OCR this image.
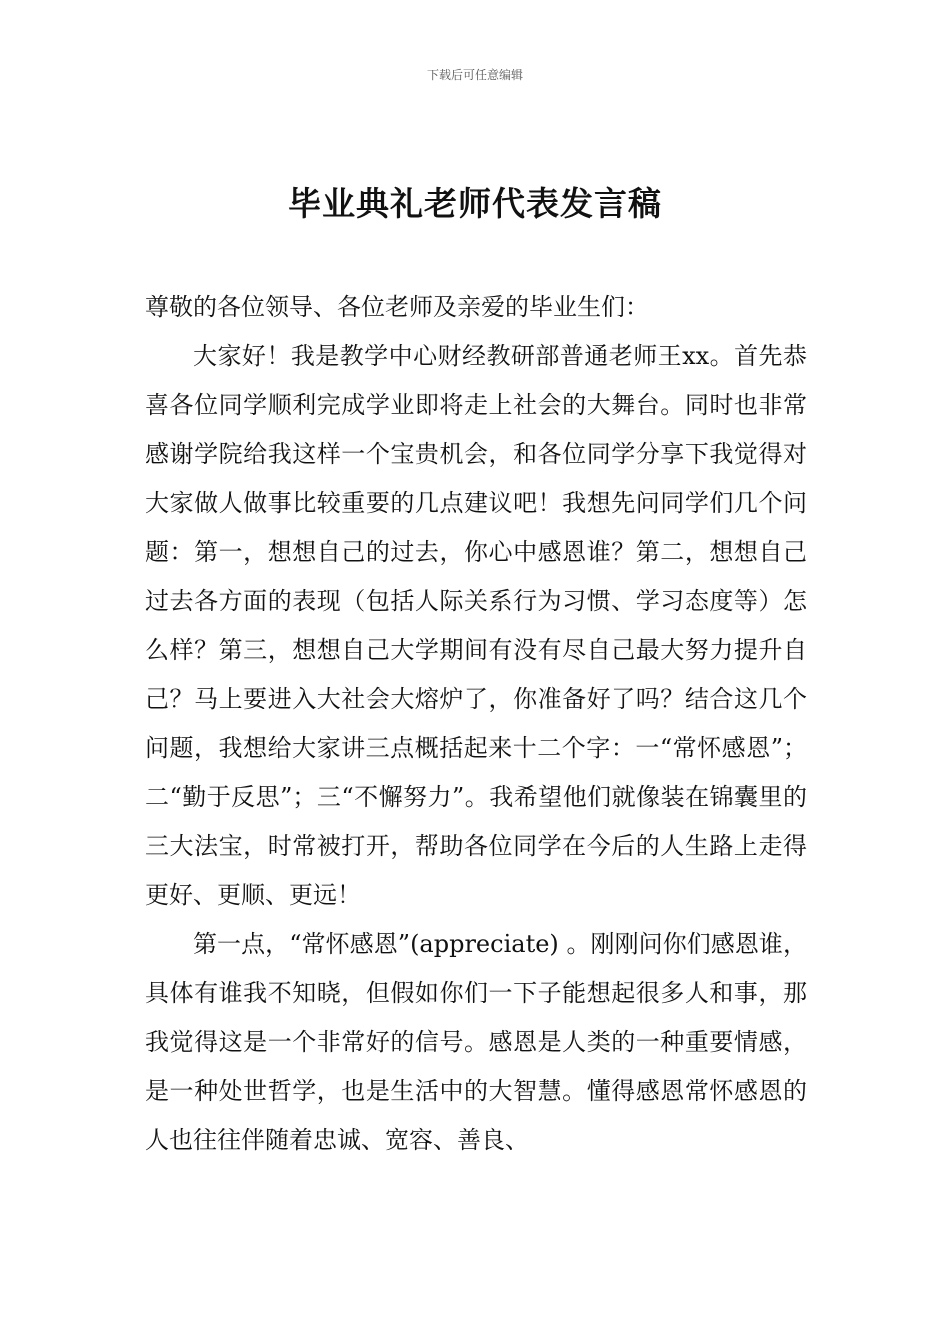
下载后可任意编辑
毕业典礼老师代表发言稿

尊敬的各位领导、各位老师及亲爱的毕业生们：

大家好！我是教学中心财经教研部普通老师王xx。首先恭喜各位同学顺利完成学业即将走上社会的大舞台。同时也非常感谢学院给我这样一个宝贵机会，和各位同学分享下我觉得对大家做人做事比较重要的几点建议吧！我想先问同学们几个问题：第一，想想自己的过去，你心中感恩谁？第二，想想自己过去各方面的表现（包括人际关系行为习惯、学习态度等）怎么样？第三，想想自己大学期间有没有尽自己最大努力提升自己？马上要进入大社会大熔炉了，你准备好了吗？结合这几个问题，我想给大家讲三点概括起来十二个字：一“常怀感恩”；二“勤于反思”；三“不懈努力”。我希望他们就像装在锦囊里的三大法宝，时常被打开，帮助各位同学在今后的人生路上走得更好、更顺、更远！

第一点，“常怀感恩”(appreciate) 。刚刚问你们感恩谁，具体有谁我不知晓，但假如你们一下子能想起很多人和事，那我觉得这是一个非常好的信号。感恩是人类的一种重要情感，是一种处世哲学，也是生活中的大智慧。懂得感恩常怀感恩的人也往往伴随着忠诚、宽容、善良、
